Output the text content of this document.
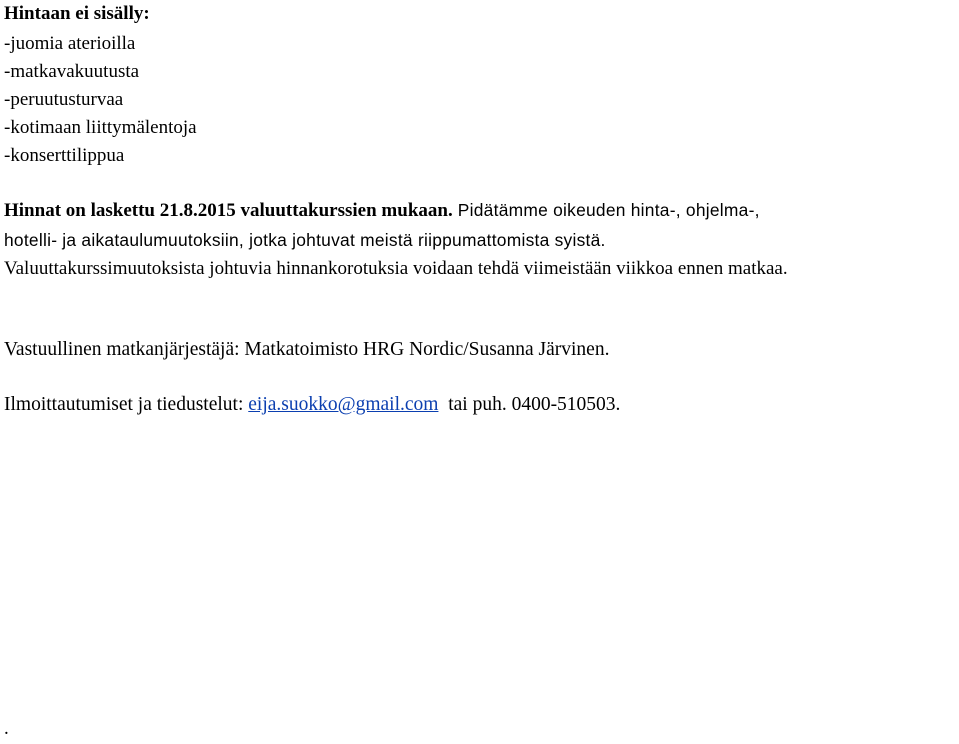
Hintaan ei sisälly:

-juomia aterioilla
-matkavakuutusta
-peruutusturvaa
-kotimaan liittymälentoja
-konserttilippua

Hinnat on laskettu 21.8.2015 valuuttakurssien mukaan. Pidätämme oikeuden hinta-, ohjelma-,
hotelli- ja aikataulumuutoksiin, jotka johtuvat meistä riippumattomista syistä.
Valuuttakurssimuutoksista johtuvia hinnankorotuksia voidaan tehdä viimeistään viikkoa ennen matkaa.

Vastuullinen matkanjärjestäjä: Matkatoimisto HRG Nordic/Susanna Järvinen.

Ilmoittautumiset ja tiedustelut: eija.suokko@gmail.com  tai puh. 0400-510503.

.
